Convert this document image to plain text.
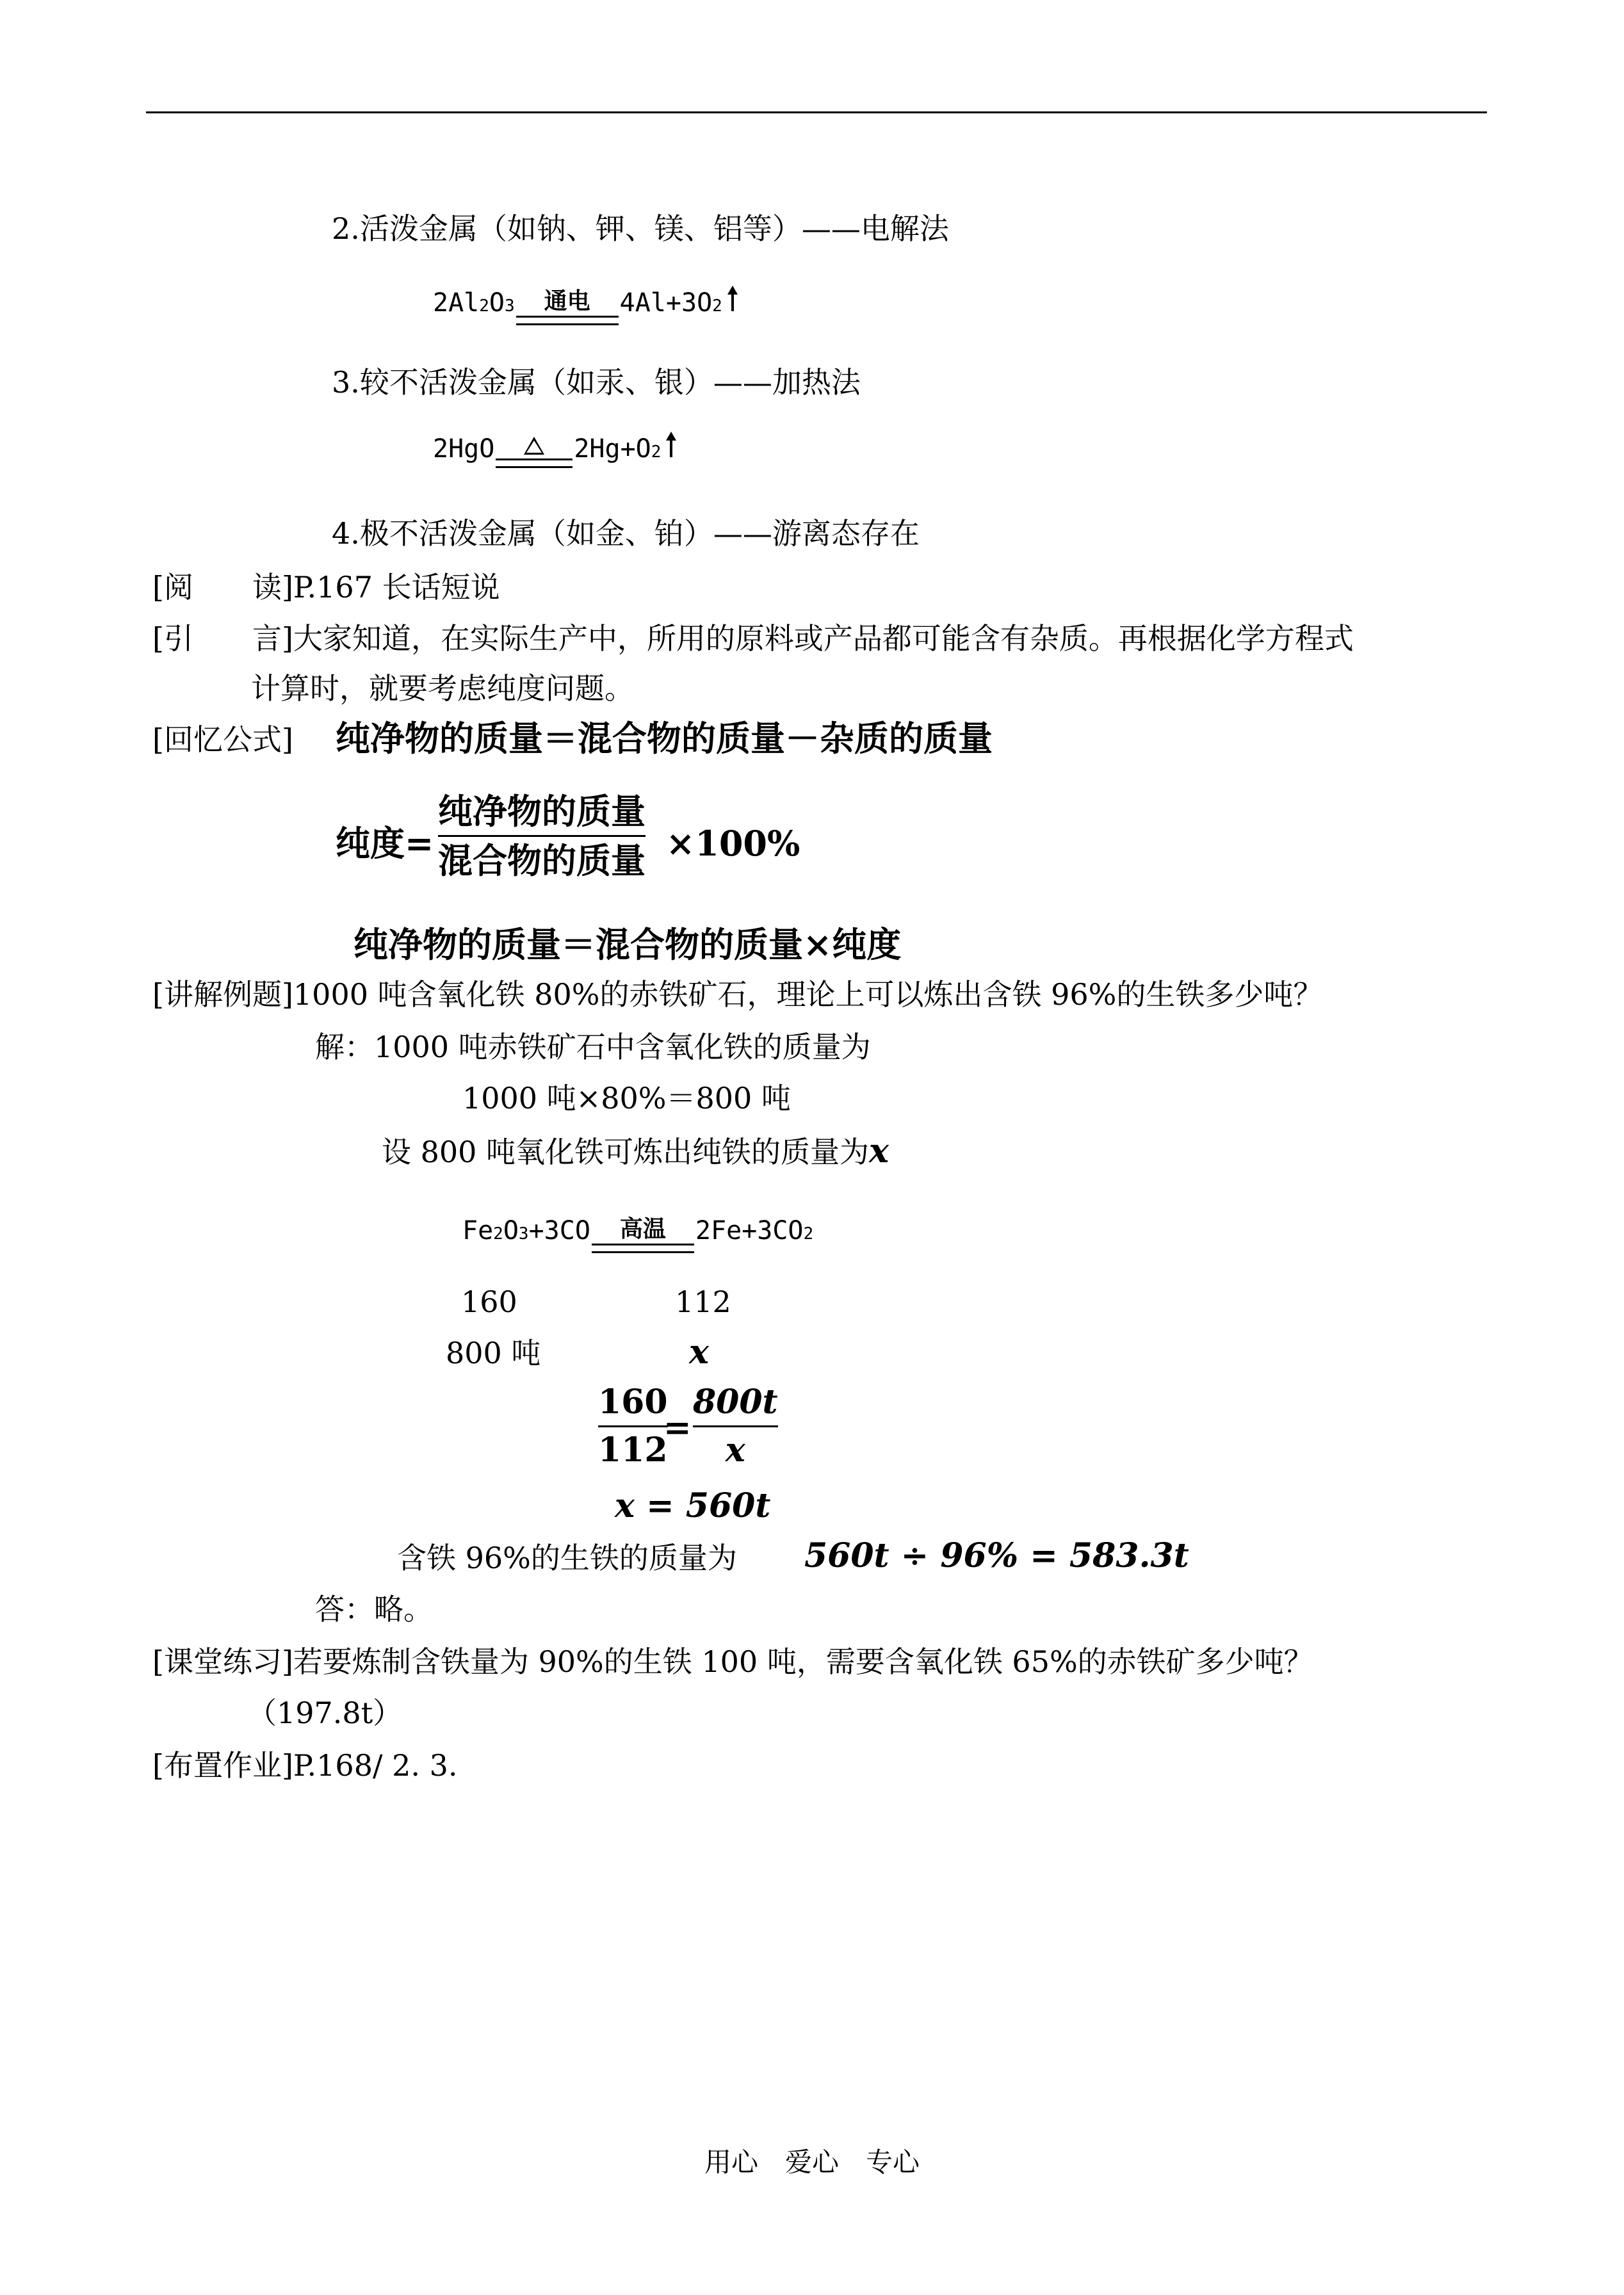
2.活泼金属（如钠、钾、镁、铝等）——电解法
2Al 2 O 3 通电 4Al+3O 2
3.较不活泼金属（如汞、银）——加热法
2HgO	2Hg+O 2
4.极不活泼金属（如金、铂）——游离态存在
[阅　　读]P.167 长话短说
[引　　言]大家知道，在实际生产中，所用的原料或产品都可能含有杂质。再根据化学方程式
计算时，就要考虑纯度问题。
[回忆公式] 纯净物的质量＝混合物的质量－杂质的质量
纯度=
纯净物的质量
混合物的质量 ×100%
纯净物的质量＝混合物的质量×纯度
[讲解例题]1000 吨含氧化铁 80%的赤铁矿石，理论上可以炼出含铁 96%的生铁多少吨？
解：1000 吨赤铁矿石中含氧化铁的质量为
1000 吨×80%＝800 吨
设 800 吨氧化铁可炼出纯铁的质量为x
Fe 2 O 3 +3CO 高温 2Fe+3CO 2
160	112
800 吨	x
160
112
=
800t
x
x = 560t
含铁 96%的生铁的质量为 560t ÷ 96% = 583.3t
答：略。
[课堂练习]若要炼制含铁量为 90%的生铁 100 吨，需要含氧化铁 65%的赤铁矿多少吨？
（197.8t）
[布置作业]P.168/ 2. 3.
用心　爱心　专心
